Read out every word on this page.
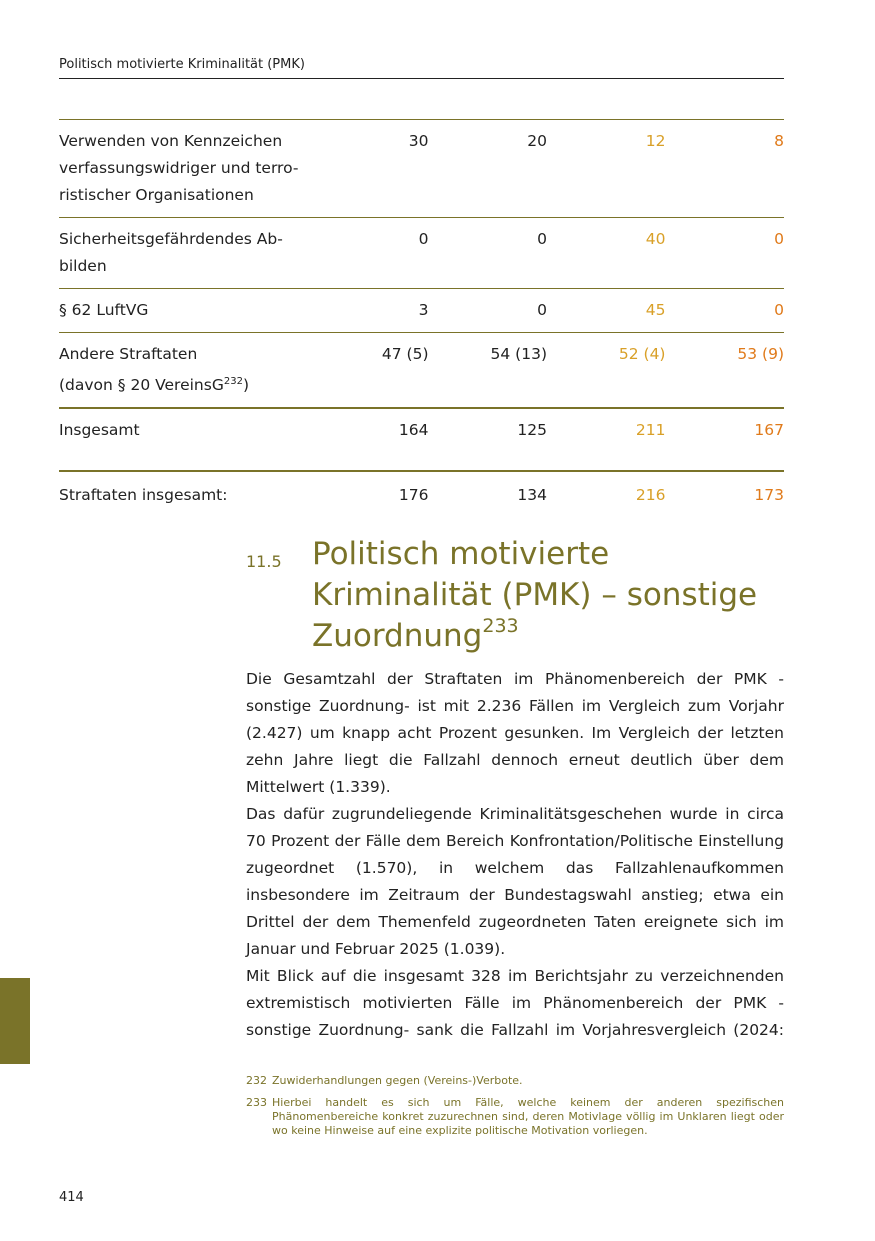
Politisch motivierte Kriminalität (PMK)
Verwenden von Kennzeichen verfassungswidriger und terro-ristischer Organisationen	30	20	12	8
Sicherheitsgefährdendes Ab-bilden	0	0	40	0
§ 62 LuftVG	3	0	45	0
Andere Straftaten
(davon § 20 VereinsG$^{232}$)	47 (5)	54 (13)	52 (4)	53 (9)
Insgesamt	164	125	211	167

Straftaten insgesamt:	176	134	216	173
11.5 Politisch motivierte Kriminalität (PMK) – sonstige Zuordnung$^{233}$

Die Gesamtzahl der Straftaten im Phänomenbereich der PMK -sonstige Zuordnung- ist mit 2.236 Fällen im Vergleich zum Vorjahr (2.427) um knapp acht Prozent gesunken. Im Vergleich der letzten zehn Jahre liegt die Fallzahl dennoch erneut deutlich über dem Mittelwert (1.339).

Das dafür zugrundeliegende Kriminalitätsgeschehen wurde in circa 70 Prozent der Fälle dem Bereich Konfrontation/Politische Einstellung zugeordnet (1.570), in welchem das Fallzahlenaufkommen insbesondere im Zeitraum der Bundestagswahl anstieg; etwa ein Drittel der dem Themenfeld zugeordneten Taten ereignete sich im Januar und Februar 2025 (1.039).

Mit Blick auf die insgesamt 328 im Berichtsjahr zu verzeichnenden extremistisch motivierten Fälle im Phänomenbereich der PMK -sonstige Zuordnung- sank die Fallzahl im Vorjahresvergleich (2024:

232 Zuwiderhandlungen gegen (Vereins-)Verbote.
233 Hierbei handelt es sich um Fälle, welche keinem der anderen spezifischen Phänomenbereiche konkret zuzurechnen sind, deren Motivlage völlig im Unklaren liegt oder wo keine Hinweise auf eine explizite politische Motivation vorliegen.
414
